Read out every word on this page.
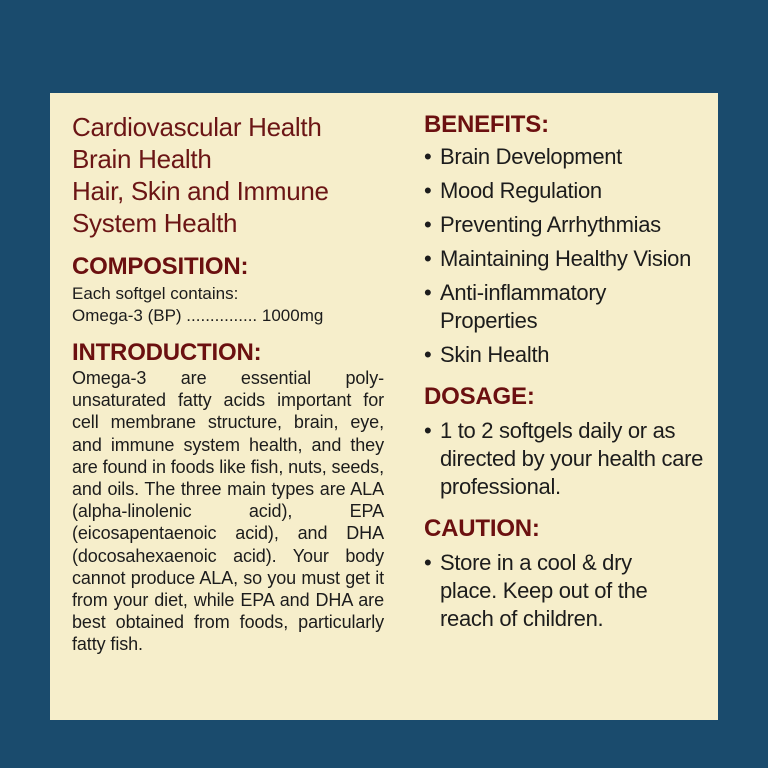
Cardiovascular Health
Brain Health
Hair, Skin and Immune
System Health
COMPOSITION:
Each softgel contains:
Omega-3 (BP) ............... 1000mg
INTRODUCTION:

Omega-3 are essential poly-unsaturated fatty acids important for cell membrane structure, brain, eye, and immune system health, and they are found in foods like fish, nuts, seeds, and oils. The three main types are ALA (alpha-linolenic acid), EPA (eicosapentaenoic acid), and DHA (docosahexaenoic acid). Your body cannot produce ALA, so you must get it from your diet, while EPA and DHA are best obtained from foods, particularly fatty fish.

BENEFITS:
• Brain Development
• Mood Regulation
• Preventing Arrhythmias
• Maintaining Healthy Vision
• Anti-inflammatory Properties
• Skin Health
DOSAGE:
• 1 to 2 softgels daily or as directed by your health care professional.
CAUTION:
• Store in a cool & dry place. Keep out of the reach of children.
